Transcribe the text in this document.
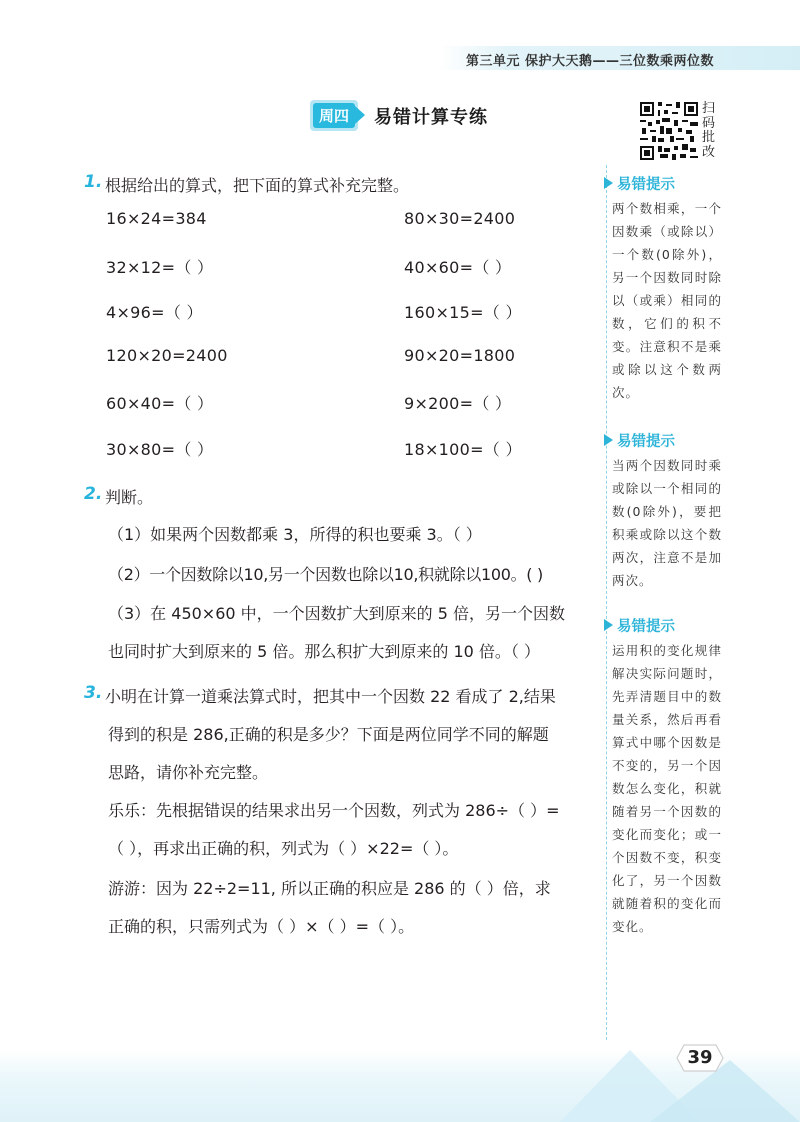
第三单元 保护大天鹅——三位数乘两位数
周四	易错计算专练	扫码批改
1. 根据给出的算式，把下面的算式补充完整。
16×24=384	80×30=2400
32×12=（ ）	40×60=（ ）
4×96=（ ）	160×15=（ ）
120×20=2400	90×20=1800
60×40=（ ）	9×200=（ ）
30×80=（ ）	18×100=（ ）
2. 判断。
（1）如果两个因数都乘 3，所得的积也要乘 3。（ ）
（2）一个因数除以10,另一个因数也除以10,积就除以100。( )
（3）在 450×60 中，一个因数扩大到原来的 5 倍，另一个因数
也同时扩大到原来的 5 倍。那么积扩大到原来的 10 倍。（ ）
3. 小明在计算一道乘法算式时，把其中一个因数 22 看成了 2,结果
得到的积是 286,正确的积是多少？下面是两位同学不同的解题
思路，请你补充完整。
乐乐：先根据错误的结果求出另一个因数，列式为 286÷（ ）=
（ ），再求出正确的积，列式为（ ）×22=（ ）。
游游：因为 22÷2=11, 所以正确的积应是 286 的（ ）倍，求
正确的积，只需列式为（ ）×（ ）=（ ）。
易错提示
两个数相乘，一个因数乘（或除以）一个数(0除外)，另一个因数同时除以（或乘）相同的数，它们的积不变。注意积不是乘或除以这个数两次。
易错提示
当两个因数同时乘或除以一个相同的数(0除外)，要把积乘或除以这个数两次，注意不是加两次。
易错提示
运用积的变化规律解决实际问题时，先弄清题目中的数量关系，然后再看算式中哪个因数是不变的，另一个因数怎么变化，积就随着另一个因数的变化而变化；或一个因数不变，积变化了，另一个因数就随着积的变化而变化。
39
